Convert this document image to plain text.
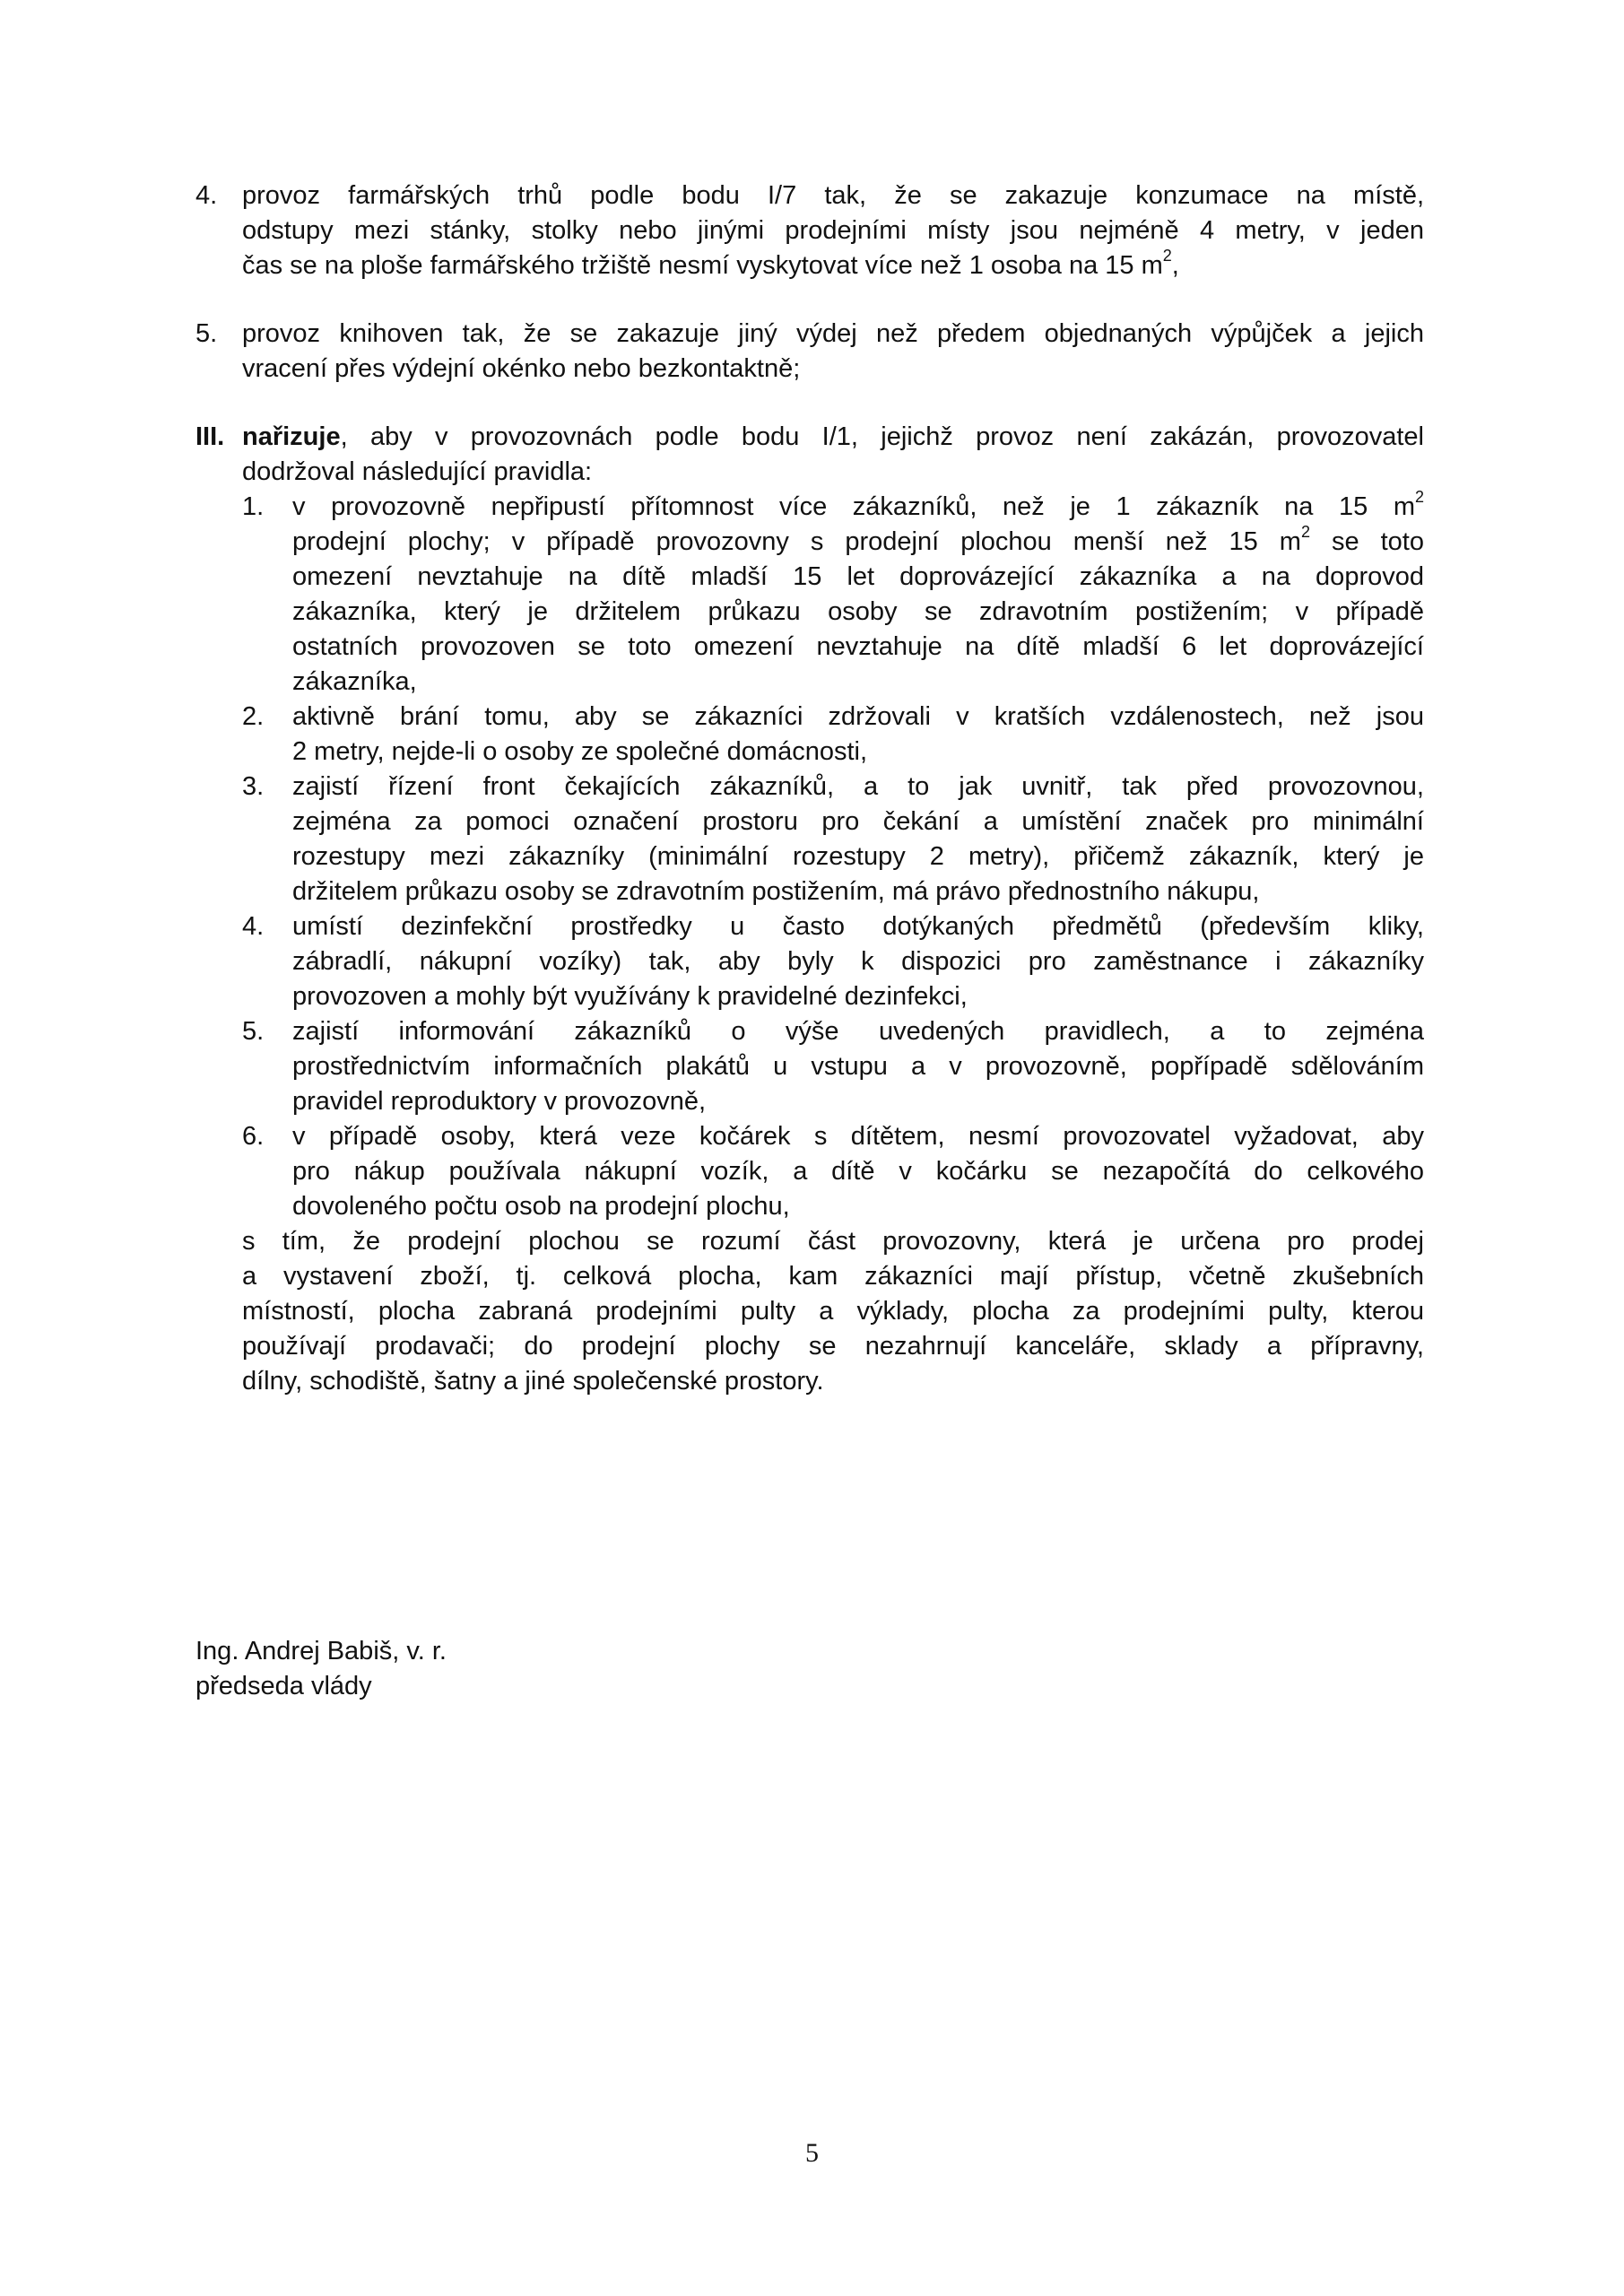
4. provoz farmářských trhů podle bodu I/7 tak, že se zakazuje konzumace na místě,
odstupy mezi stánky, stolky nebo jinými prodejními místy jsou nejméně 4 metry, v jeden
čas se na ploše farmářského tržiště nesmí vyskytovat více než 1 osoba na 15 $m^2$,
5. provoz knihoven tak, že se zakazuje jiný výdej než předem objednaných výpůjček a jejich
vracení přes výdejní okénko nebo bezkontaktně;
III. nařizuje, aby v provozovnách podle bodu I/1, jejichž provoz není zakázán, provozovatel
dodržoval následující pravidla:
1. v provozovně nepřipustí přítomnost více zákazníků, než je 1 zákazník na 15 $m^2$
prodejní plochy; v případě provozovny s prodejní plochou menší než 15 $m^2$ se toto
omezení nevztahuje na dítě mladší 15 let doprovázející zákazníka a na doprovod
zákazníka, který je držitelem průkazu osoby se zdravotním postižením; v případě
ostatních provozoven se toto omezení nevztahuje na dítě mladší 6 let doprovázející
zákazníka,
2. aktivně brání tomu, aby se zákazníci zdržovali v kratších vzdálenostech, než jsou
2 metry, nejde-li o osoby ze společné domácnosti,
3. zajistí řízení front čekajících zákazníků, a to jak uvnitř, tak před provozovnou,
zejména za pomoci označení prostoru pro čekání a umístění značek pro minimální
rozestupy mezi zákazníky (minimální rozestupy 2 metry), přičemž zákazník, který je
držitelem průkazu osoby se zdravotním postižením, má právo přednostního nákupu,
4. umístí dezinfekční prostředky u často dotýkaných předmětů (především kliky,
zábradlí, nákupní vozíky) tak, aby byly k dispozici pro zaměstnance i zákazníky
provozoven a mohly být využívány k pravidelné dezinfekci,
5. zajistí informování zákazníků o výše uvedených pravidlech, a to zejména
prostřednictvím informačních plakátů u vstupu a v provozovně, popřípadě sdělováním
pravidel reproduktory v provozovně,
6. v případě osoby, která veze kočárek s dítětem, nesmí provozovatel vyžadovat, aby
pro nákup používala nákupní vozík, a dítě v kočárku se nezapočítá do celkového
dovoleného počtu osob na prodejní plochu,
s tím, že prodejní plochou se rozumí část provozovny, která je určena pro prodej
a vystavení zboží, tj. celková plocha, kam zákazníci mají přístup, včetně zkušebních
místností, plocha zabraná prodejními pulty a výklady, plocha za prodejními pulty, kterou
používají prodavači; do prodejní plochy se nezahrnují kanceláře, sklady a přípravny,
dílny, schodiště, šatny a jiné společenské prostory.
Ing. Andrej Babiš, v. r.
předseda vlády
5
